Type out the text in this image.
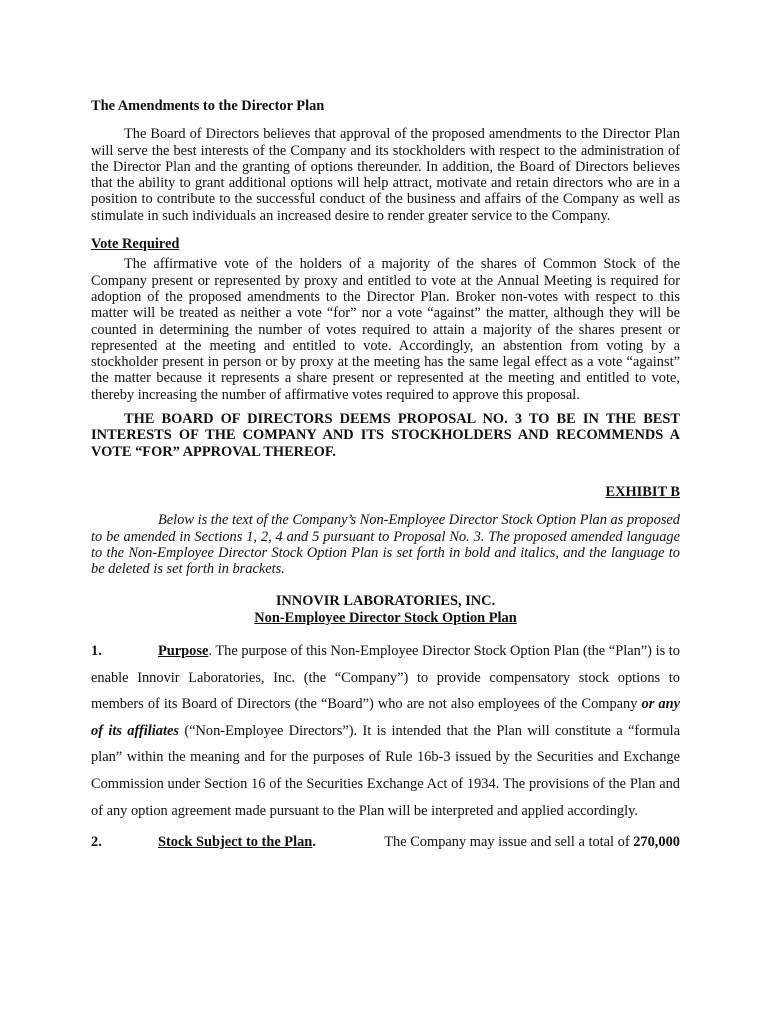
The Amendments to the Director Plan

The Board of Directors believes that approval of the proposed amendments to the Director Plan will serve the best interests of the Company and its stockholders with respect to the administration of the Director Plan and the granting of options thereunder. In addition, the Board of Directors believes that the ability to grant additional options will help attract, motivate and retain directors who are in a position to contribute to the successful conduct of the business and affairs of the Company as well as stimulate in such individuals an increased desire to render greater service to the Company.

Vote Required

The affirmative vote of the holders of a majority of the shares of Common Stock of the Company present or represented by proxy and entitled to vote at the Annual Meeting is required for adoption of the proposed amendments to the Director Plan. Broker non-votes with respect to this matter will be treated as neither a vote “for” nor a vote “against” the matter, although they will be counted in determining the number of votes required to attain a majority of the shares present or represented at the meeting and entitled to vote. Accordingly, an abstention from voting by a stockholder present in person or by proxy at the meeting has the same legal effect as a vote “against” the matter because it represents a share present or represented at the meeting and entitled to vote, thereby increasing the number of affirmative votes required to approve this proposal.

THE BOARD OF DIRECTORS DEEMS PROPOSAL NO. 3 TO BE IN THE BEST INTERESTS OF THE COMPANY AND ITS STOCKHOLDERS AND RECOMMENDS A VOTE “FOR” APPROVAL THEREOF.

EXHIBIT B

Below is the text of the Company’s Non-Employee Director Stock Option Plan as proposed to be amended in Sections 1, 2, 4 and 5 pursuant to Proposal No. 3. The proposed amended language to the Non-Employee Director Stock Option Plan is set forth in bold and italics, and the language to be deleted is set forth in brackets.

INNOVIR LABORATORIES, INC.
Non-Employee Director Stock Option Plan

1.	Purpose. The purpose of this Non-Employee Director Stock Option Plan (the “Plan”) is to enable Innovir Laboratories, Inc. (the “Company”) to provide compensatory stock options to members of its Board of Directors (the “Board”) who are not also employees of the Company or any of its affiliates (“Non-Employee Directors”). It is intended that the Plan will constitute a “formula plan” within the meaning and for the purposes of Rule 16b-3 issued by the Securities and Exchange Commission under Section 16 of the Securities Exchange Act of 1934. The provisions of the Plan and of any option agreement made pursuant to the Plan will be interpreted and applied accordingly.

2.	Stock Subject to the Plan.	The Company may issue and sell a total of 270,000
